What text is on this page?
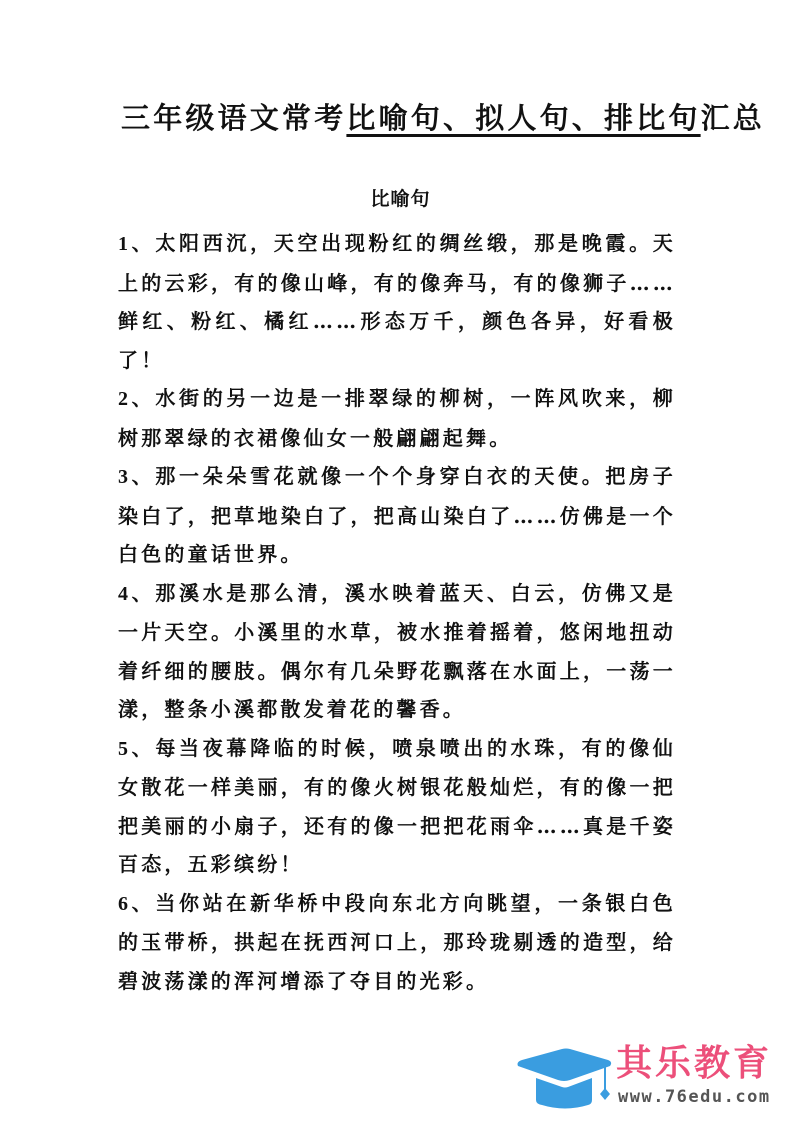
三年级语文常考比喻句、拟人句、排比句汇总
比喻句

1、太阳西沉，天空出现粉红的绸丝缎，那是晚霞。天上的云彩，有的像山峰，有的像奔马，有的像狮子……鲜红、粉红、橘红……形态万千，颜色各异，好看极了！

2、水街的另一边是一排翠绿的柳树，一阵风吹来，柳树那翠绿的衣裙像仙女一般翩翩起舞。

3、那一朵朵雪花就像一个个身穿白衣的天使。把房子染白了，把草地染白了，把高山染白了……仿佛是一个白色的童话世界。

4、那溪水是那么清，溪水映着蓝天、白云，仿佛又是一片天空。小溪里的水草，被水推着摇着，悠闲地扭动着纤细的腰肢。偶尔有几朵野花飘落在水面上，一荡一漾，整条小溪都散发着花的馨香。

5、每当夜幕降临的时候，喷泉喷出的水珠，有的像仙女散花一样美丽，有的像火树银花般灿烂，有的像一把把美丽的小扇子，还有的像一把把花雨伞……真是千姿百态，五彩缤纷！

6、当你站在新华桥中段向东北方向眺望，一条银白色的玉带桥，拱起在抚西河口上，那玲珑剔透的造型，给碧波荡漾的浑河增添了夺目的光彩。

其乐教育
www.76edu.com
